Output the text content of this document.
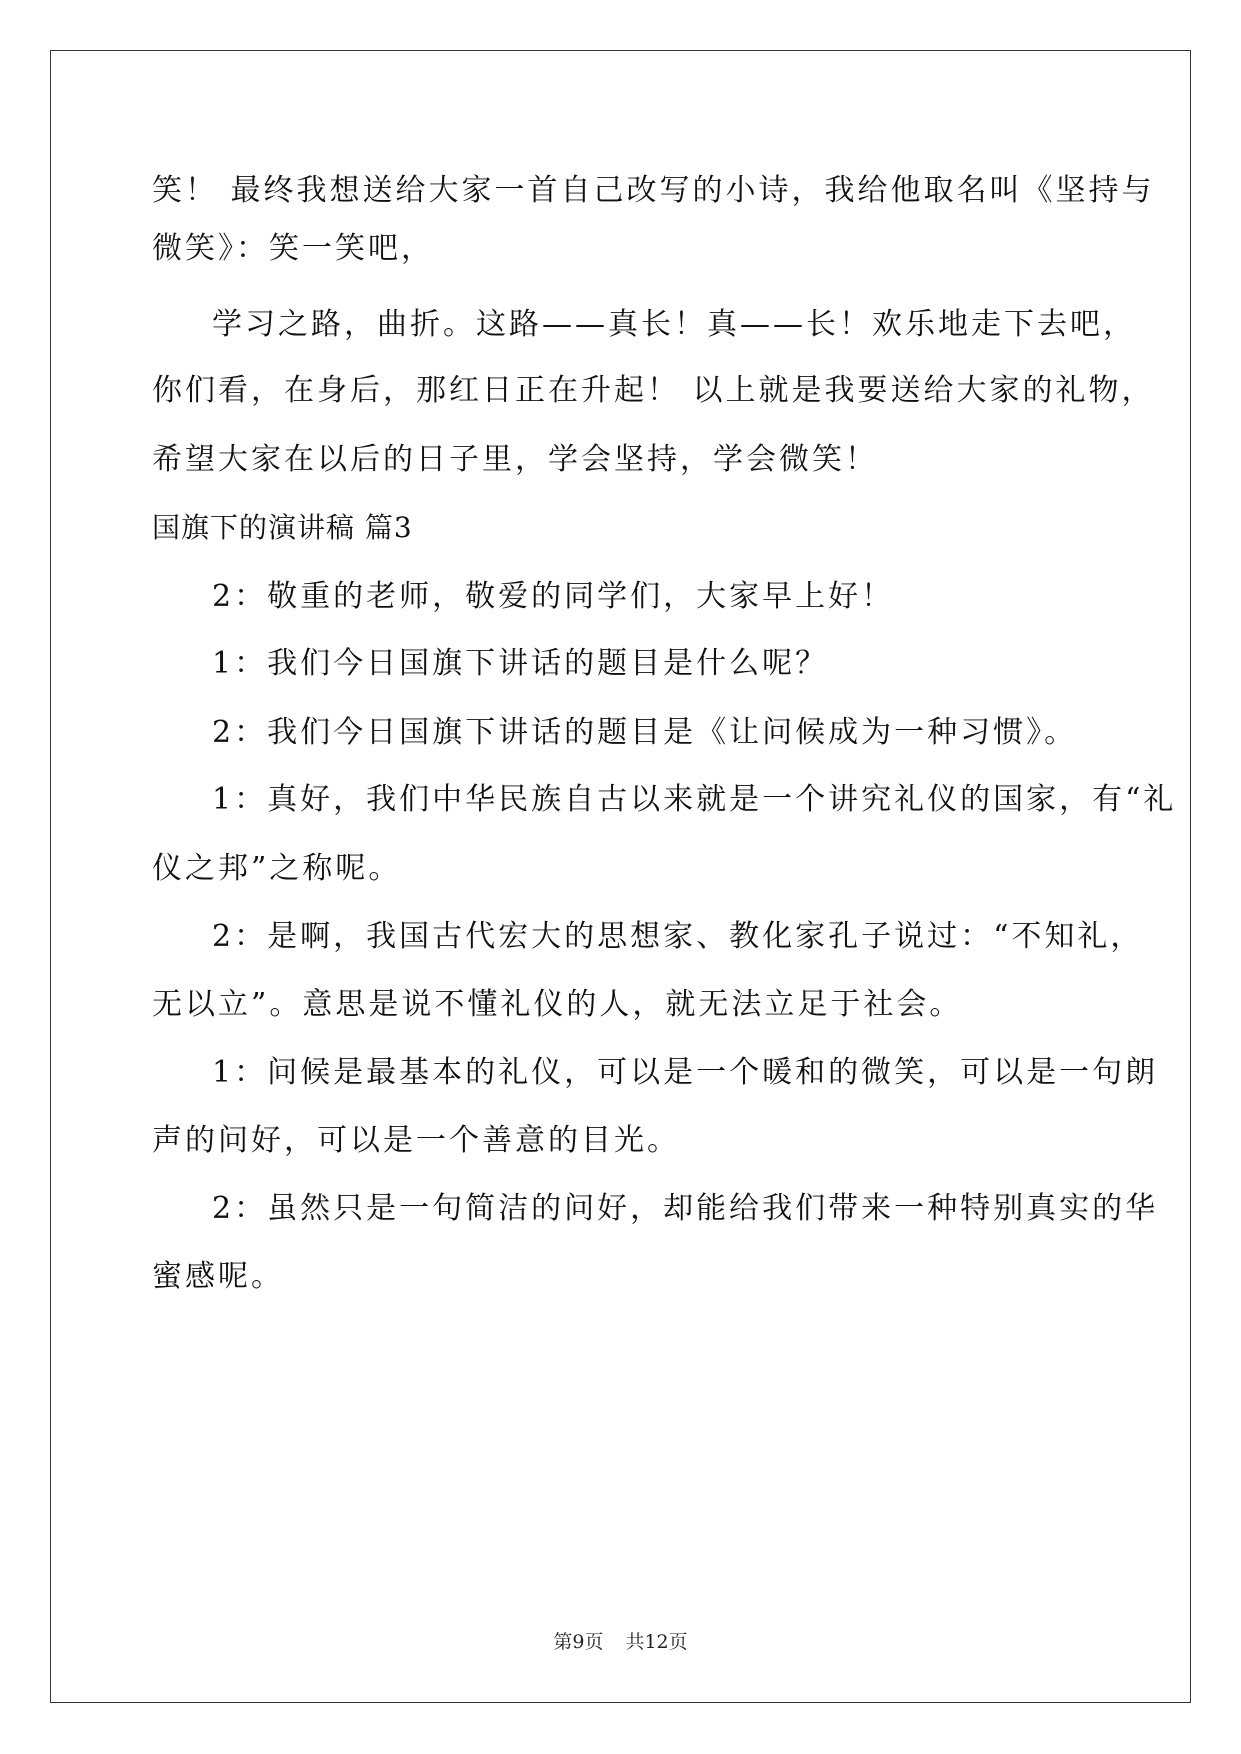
笑！ 最终我想送给大家一首自己改写的小诗，我给他取名叫《坚持与
微笑》：笑一笑吧，
学习之路，曲折。这路——真长！真——长！欢乐地走下去吧，
你们看，在身后，那红日正在升起！ 以上就是我要送给大家的礼物，
希望大家在以后的日子里，学会坚持，学会微笑！
国旗下的演讲稿 篇3
2：敬重的老师，敬爱的同学们，大家早上好！
1：我们今日国旗下讲话的题目是什么呢？
2：我们今日国旗下讲话的题目是《让问候成为一种习惯》。
1：真好，我们中华民族自古以来就是一个讲究礼仪的国家，有“礼
仪之邦”之称呢。
2：是啊，我国古代宏大的思想家、教化家孔子说过：“不知礼，
无以立”。意思是说不懂礼仪的人，就无法立足于社会。
1：问候是最基本的礼仪，可以是一个暖和的微笑，可以是一句朗
声的问好，可以是一个善意的目光。
2：虽然只是一句简洁的问好，却能给我们带来一种特别真实的华
蜜感呢。
第9页 共12页
